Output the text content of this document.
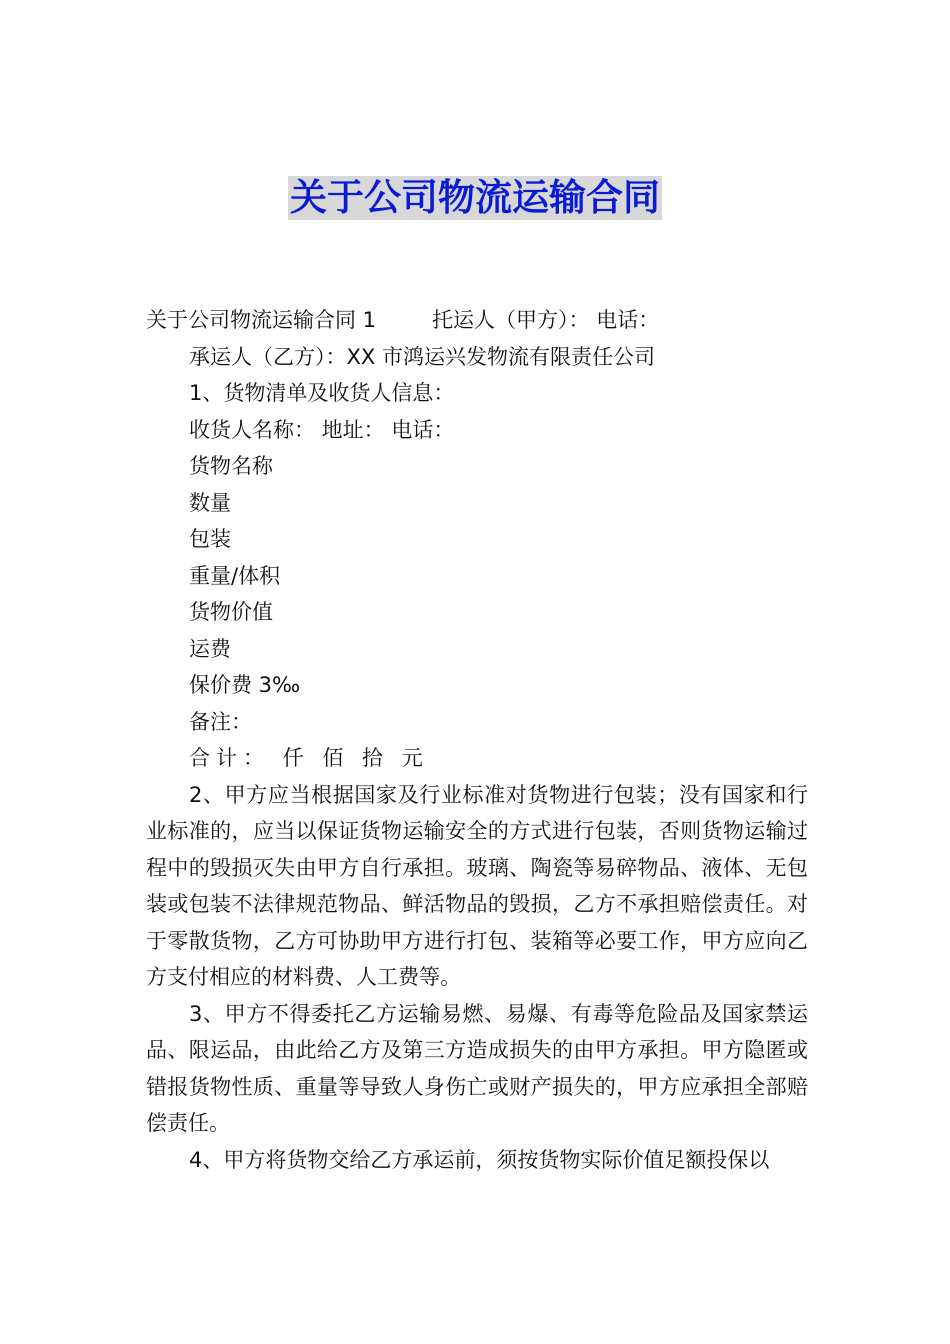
关于公司物流运输合同
关于公司物流运输合同 1	托运人（甲方）： 电话：
承运人（乙方）：XX 市鸿运兴发物流有限责任公司
1、货物清单及收货人信息：
收货人名称： 地址： 电话：
货物名称
数量
包装
重量/体积
货物价值
运费
保价费 3‰
备注：
合计： 仟 佰 拾 元

2、甲方应当根据国家及行业标准对货物进行包装；没有国家和行业标准的，应当以保证货物运输安全的方式进行包装，否则货物运输过程中的毁损灭失由甲方自行承担。玻璃、陶瓷等易碎物品、液体、无包装或包装不法律规范物品、鲜活物品的毁损，乙方不承担赔偿责任。对于零散货物，乙方可协助甲方进行打包、装箱等必要工作，甲方应向乙方支付相应的材料费、人工费等。

3、甲方不得委托乙方运输易燃、易爆、有毒等危险品及国家禁运品、限运品，由此给乙方及第三方造成损失的由甲方承担。甲方隐匿或错报货物性质、重量等导致人身伤亡或财产损失的，甲方应承担全部赔偿责任。

4、甲方将货物交给乙方承运前，须按货物实际价值足额投保以
